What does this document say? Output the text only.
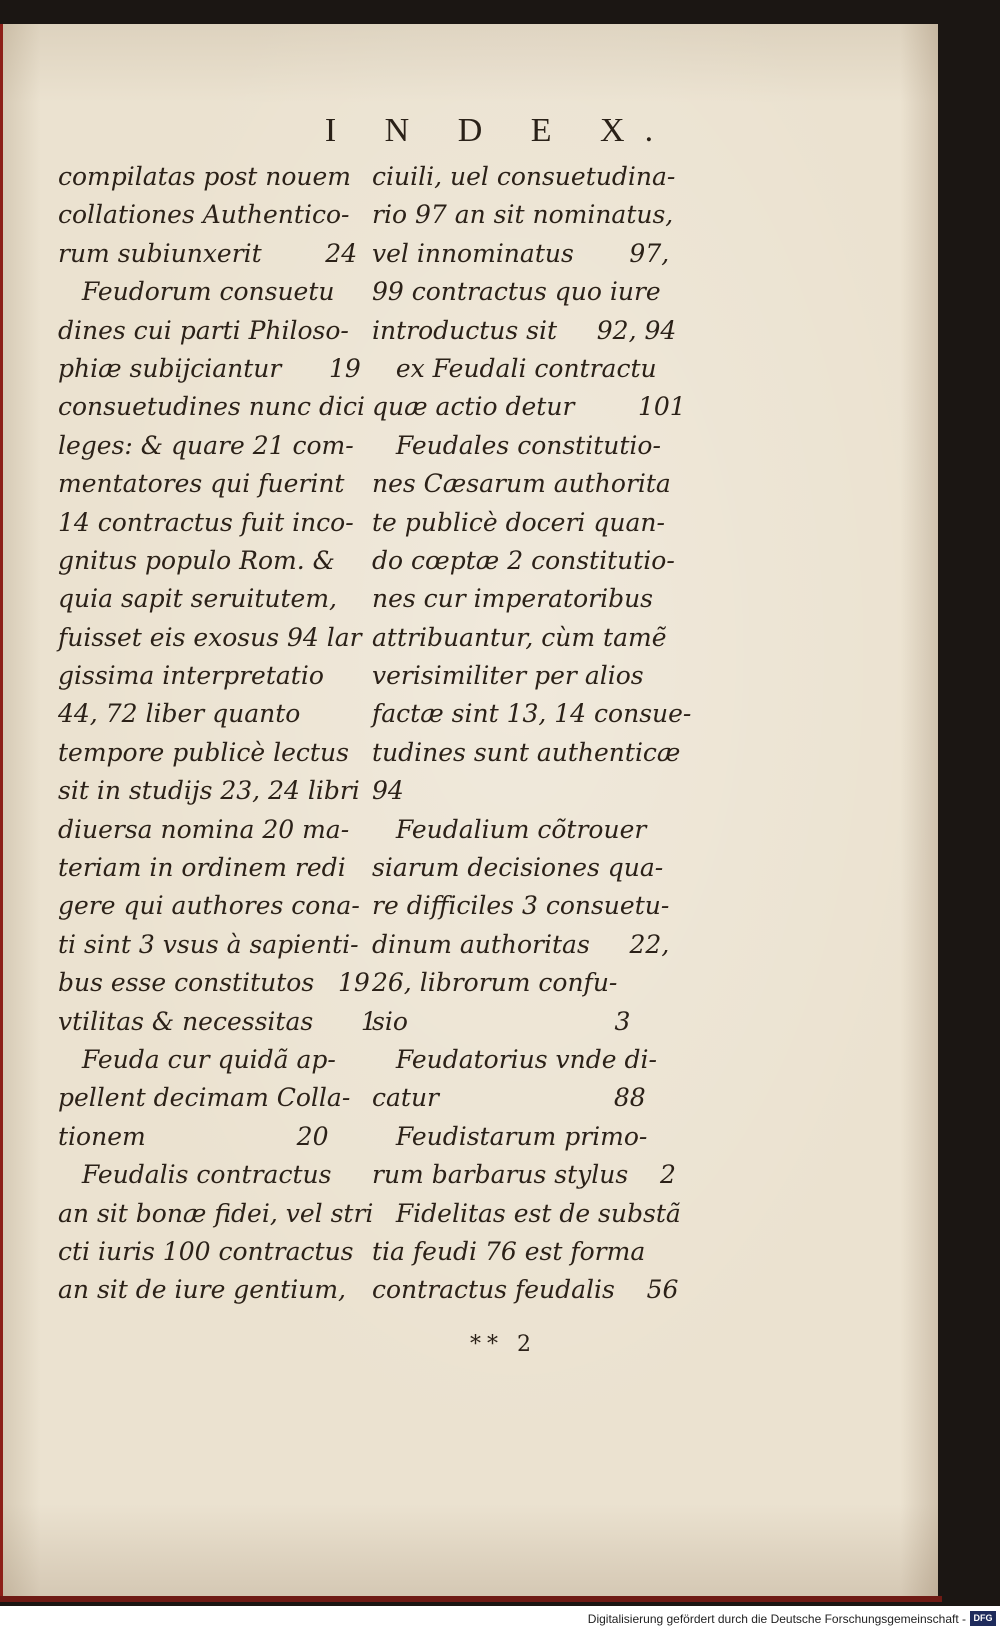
I N D E X.
compilatas post nouem
collationes Authentico-
rum subiunxerit        24
Feudorum consuetu
dines cui parti Philoso-
phiæ subijciantur      19
consuetudines nunc dici
leges: & quare 21 com-
mentatores qui fuerint
14 contractus fuit inco-
gnitus populo Rom. &
quia sapit seruitutem,
fuisset eis exosus 94 lar
gissima interpretatio
44, 72 liber quanto
tempore publicè lectus
sit in studijs 23, 24 libri
diuersa nomina 20 ma-
teriam in ordinem redi
gere qui authores cona-
ti sint 3 vsus à sapienti-
bus esse constitutos   19
vtilitas & necessitas      1
Feuda cur quidã ap-
pellent decimam Colla-
tionem                   20
Feudalis contractus
an sit bonæ fidei, vel stri
cti iuris 100 contractus
an sit de iure gentium,
ciuili, uel consuetudina-
rio 97 an sit nominatus,
vel innominatus       97,
99 contractus quo iure
introductus sit     92, 94
ex Feudali contractu
quæ actio detur        101
Feudales constitutio-
nes Cæsarum authorita
te publicè doceri quan-
do cœptæ 2 constitutio-
nes cur imperatoribus
attribuantur, cùm tamẽ
verisimiliter per alios
factæ sint 13, 14 consue-
tudines sunt authenticæ
94
Feudalium cõtrouer
siarum decisiones qua-
re difficiles 3 consuetu-
dinum authoritas     22,
26, librorum confu-
sio                          3
Feudatorius vnde di-
catur                      88
Feudistarum primo-
rum barbarus stylus    2
Fidelitas est de substã
tia feudi 76 est forma
contractus feudalis    56
** 2
Digitalisierung gefördert durch die Deutsche Forschungsgemeinschaft - DFG
